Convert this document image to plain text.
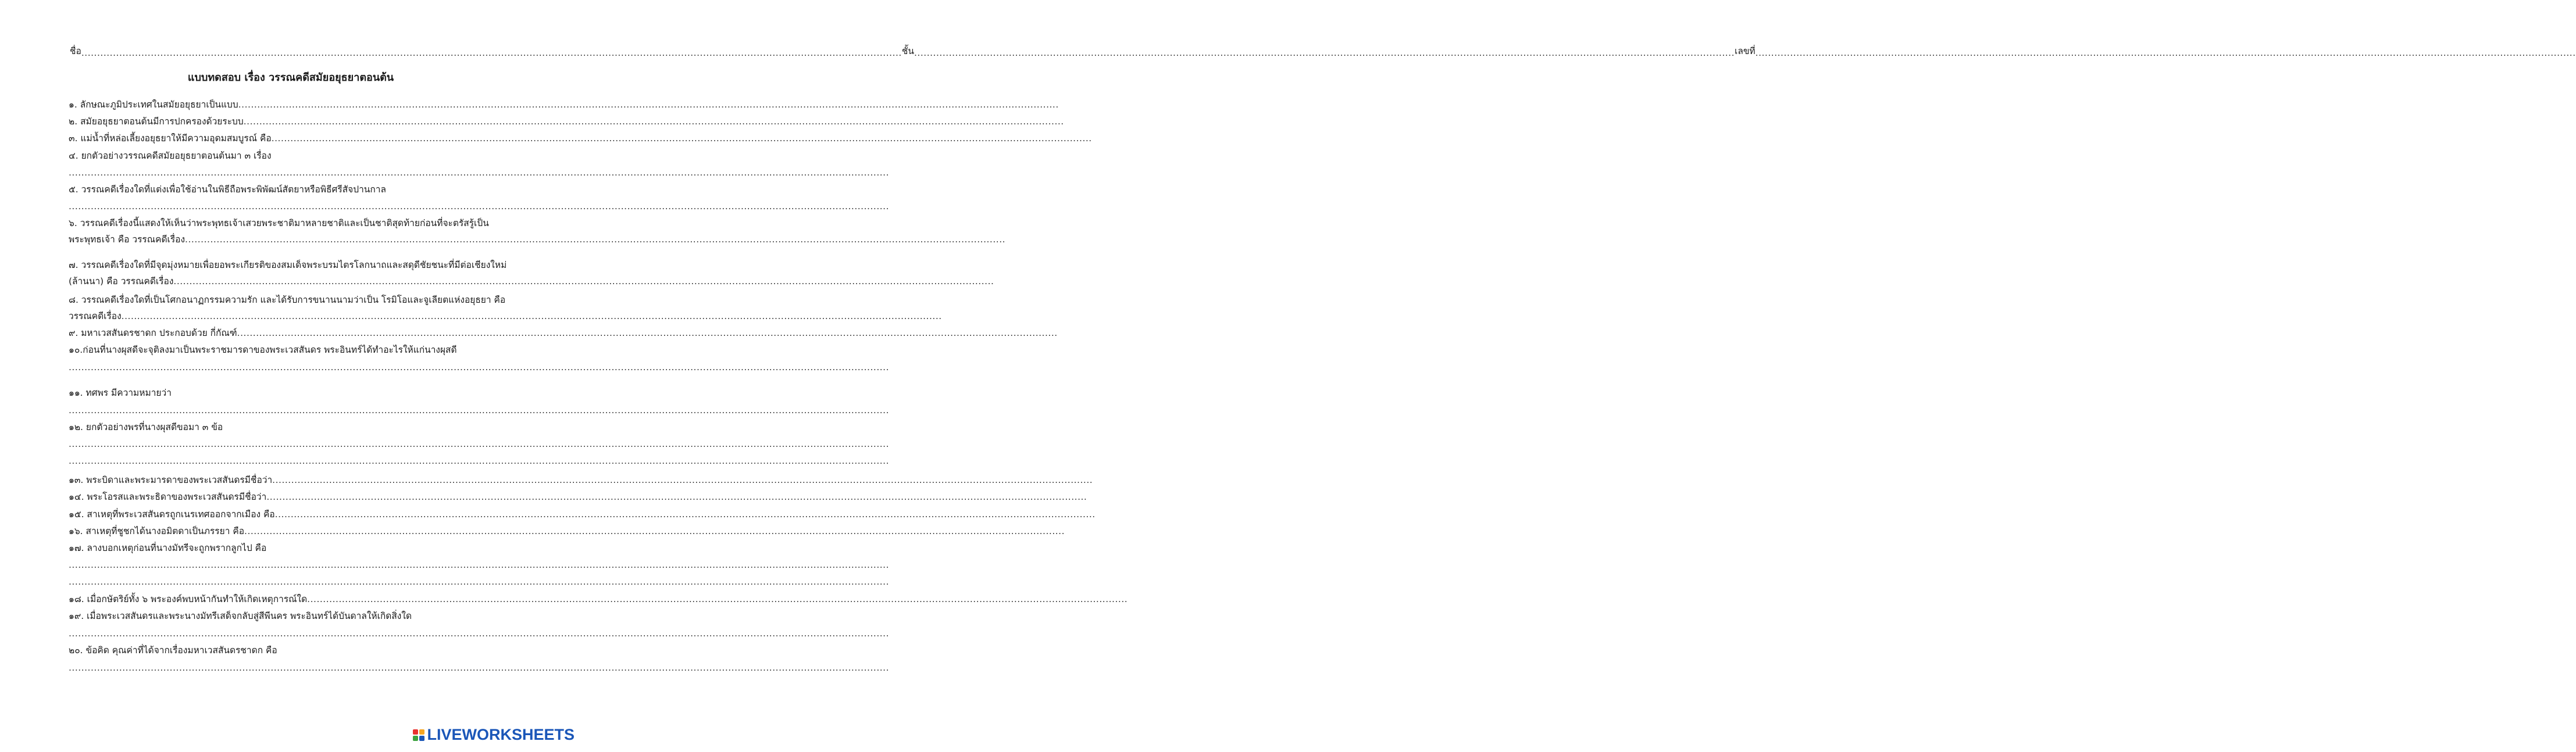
ชื่อ .................................................................................................................................................................................................................................................................... ชั้น .................................................................................................................................................................................................................................................................... เลขที่ ....................................................................................................................................................................................................................................................................
แบบทดสอบ เรื่อง วรรณคดีสมัยอยุธยาตอนต้น
๑. ลักษณะภูมิประเทศในสมัยอยุธยาเป็นแบบ ....................................................................................................................................................................................................................................................................
๒. สมัยอยุธยาตอนต้นมีการปกครองด้วยระบบ ....................................................................................................................................................................................................................................................................
๓. แม่น้ำที่หล่อเลี้ยงอยุธยาให้มีความอุดมสมบูรณ์ คือ ....................................................................................................................................................................................................................................................................
๔. ยกตัวอย่างวรรณคดีสมัยอยุธยาตอนต้นมา ๓ เรื่อง
....................................................................................................................................................................................................................................................................
๕. วรรณคดีเรื่องใดที่แต่งเพื่อใช้อ่านในพิธีถือพระพิพัฒน์สัตยาหรือพิธีศรีสัจปานกาล
....................................................................................................................................................................................................................................................................
๖. วรรณคดีเรื่องนี้แสดงให้เห็นว่าพระพุทธเจ้าเสวยพระชาติมาหลายชาติและเป็นชาติสุดท้ายก่อนที่จะตรัสรู้เป็น
พระพุทธเจ้า คือ วรรณคดีเรื่อง ....................................................................................................................................................................................................................................................................
๗. วรรณคดีเรื่องใดที่มีจุดมุ่งหมายเพื่อยอพระเกียรติของสมเด็จพระบรมไตรโลกนาถและสดุดีชัยชนะที่มีต่อเชียงใหม่
(ล้านนา) คือ วรรณคดีเรื่อง ....................................................................................................................................................................................................................................................................
๘. วรรณคดีเรื่องใดที่เป็นโศกอนาฏกรรมความรัก และได้รับการขนานนามว่าเป็น โรมิโอและจูเลียตแห่งอยุธยา คือ
วรรณคดีเรื่อง ....................................................................................................................................................................................................................................................................
๙. มหาเวสสันดรชาดก ประกอบด้วย กี่กัณฑ์ ....................................................................................................................................................................................................................................................................
๑๐.ก่อนที่นางผุสดีจะจุติลงมาเป็นพระราชมารดาของพระเวสสันดร พระอินทร์ได้ทำอะไรให้แก่นางผุสดี
....................................................................................................................................................................................................................................................................
๑๑. ทศพร มีความหมายว่า
....................................................................................................................................................................................................................................................................
๑๒. ยกตัวอย่างพรที่นางผุสดีขอมา ๓ ข้อ
....................................................................................................................................................................................................................................................................
....................................................................................................................................................................................................................................................................
๑๓. พระบิดาและพระมารดาของพระเวสสันดรมีชื่อว่า ....................................................................................................................................................................................................................................................................
๑๔. พระโอรสและพระธิดาของพระเวสสันดรมีชื่อว่า ....................................................................................................................................................................................................................................................................
๑๕. สาเหตุที่พระเวสสันดรถูกเนรเทศออกจากเมือง คือ ....................................................................................................................................................................................................................................................................
๑๖. สาเหตุที่ชูชกได้นางอมิตดาเป็นภรรยา คือ ....................................................................................................................................................................................................................................................................
๑๗. ลางบอกเหตุก่อนที่นางมัทรีจะถูกพรากลูกไป คือ
....................................................................................................................................................................................................................................................................
....................................................................................................................................................................................................................................................................
๑๘. เมื่อกษัตริย์ทั้ง ๖ พระองค์พบหน้ากันทำให้เกิดเหตุการณ์ใด ....................................................................................................................................................................................................................................................................
๑๙. เมื่อพระเวสสันดรและพระนางมัทรีเสด็จกลับสู่สีพีนคร พระอินทร์ได้บันดาลให้เกิดสิ่งใด
....................................................................................................................................................................................................................................................................
๒๐. ข้อคิด คุณค่าที่ได้จากเรื่องมหาเวสสันดรชาดก คือ
....................................................................................................................................................................................................................................................................
LIVEWORKSHEETS
